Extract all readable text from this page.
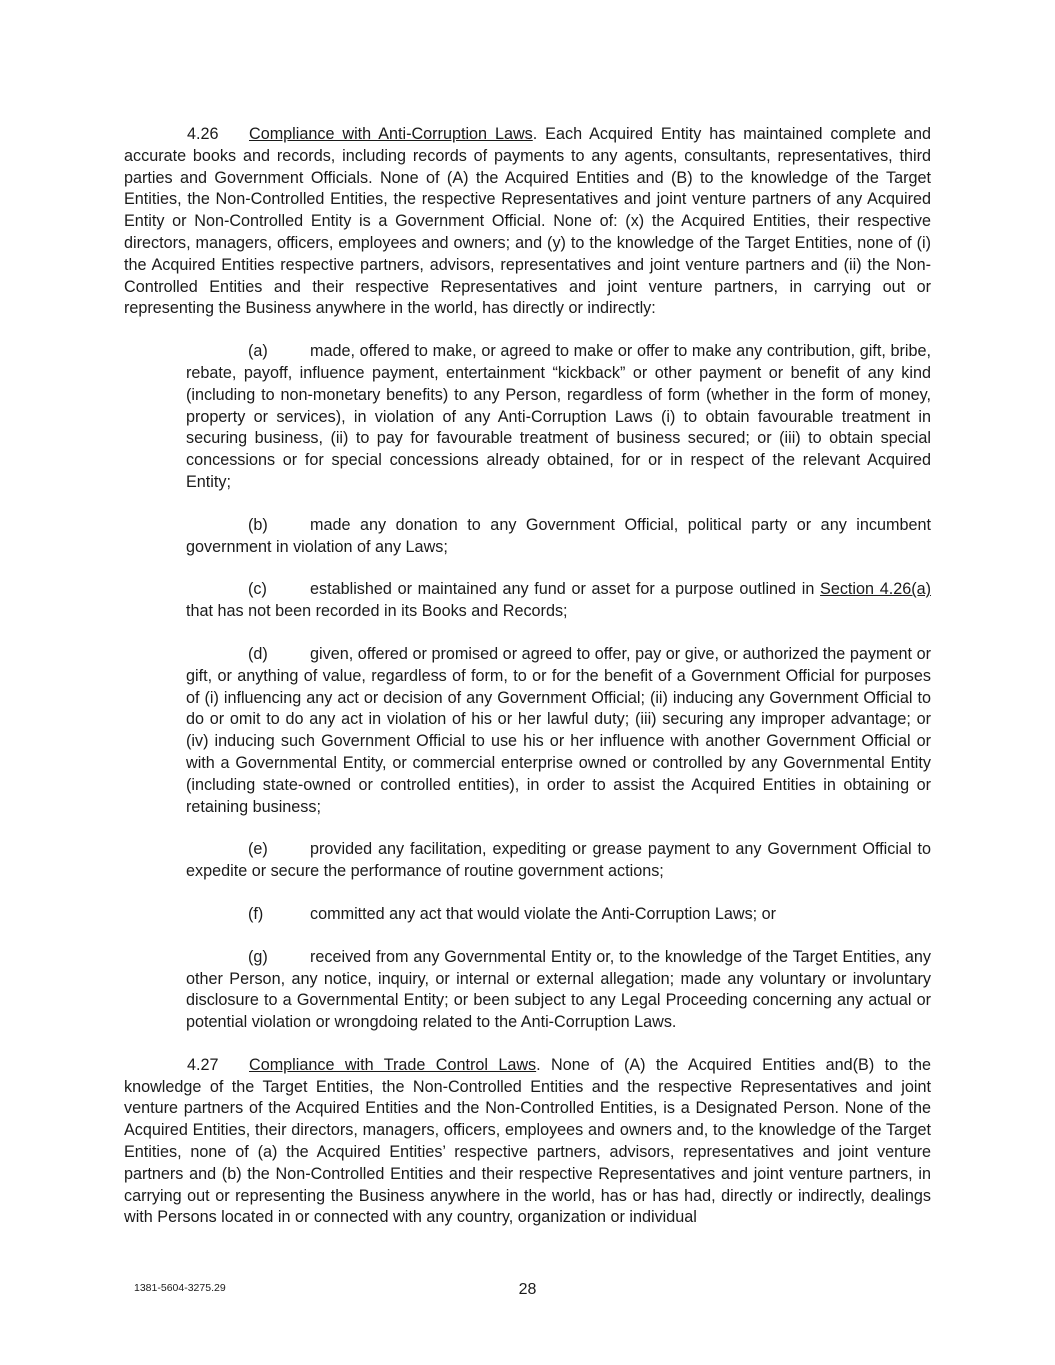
4.26 Compliance with Anti-Corruption Laws. Each Acquired Entity has maintained complete and accurate books and records, including records of payments to any agents, consultants, representatives, third parties and Government Officials. None of (A) the Acquired Entities and (B) to the knowledge of the Target Entities, the Non-Controlled Entities, the respective Representatives and joint venture partners of any Acquired Entity or Non-Controlled Entity is a Government Official. None of: (x) the Acquired Entities, their respective directors, managers, officers, employees and owners; and (y) to the knowledge of the Target Entities, none of (i) the Acquired Entities respective partners, advisors, representatives and joint venture partners and (ii) the Non-Controlled Entities and their respective Representatives and joint venture partners, in carrying out or representing the Business anywhere in the world, has directly or indirectly:

(a)	made, offered to make, or agreed to make or offer to make any contribution, gift, bribe, rebate, payoff, influence payment, entertainment “kickback” or other payment or benefit of any kind (including to non-monetary benefits) to any Person, regardless of form (whether in the form of money, property or services), in violation of any Anti-Corruption Laws (i) to obtain favourable treatment in securing business, (ii) to pay for favourable treatment of business secured; or (iii) to obtain special concessions or for special concessions already obtained, for or in respect of the relevant Acquired Entity;

(b)	made any donation to any Government Official, political party or any incumbent government in violation of any Laws;

(c)	established or maintained any fund or asset for a purpose outlined in Section 4.26(a) that has not been recorded in its Books and Records;

(d)	given, offered or promised or agreed to offer, pay or give, or authorized the payment or gift, or anything of value, regardless of form, to or for the benefit of a Government Official for purposes of (i) influencing any act or decision of any Government Official; (ii) inducing any Government Official to do or omit to do any act in violation of his or her lawful duty; (iii) securing any improper advantage; or (iv) inducing such Government Official to use his or her influence with another Government Official or with a Governmental Entity, or commercial enterprise owned or controlled by any Governmental Entity (including state-owned or controlled entities), in order to assist the Acquired Entities in obtaining or retaining business;

(e)	provided any facilitation, expediting or grease payment to any Government Official to expedite or secure the performance of routine government actions;

(f)	committed any act that would violate the Anti-Corruption Laws; or

(g)	received from any Governmental Entity or, to the knowledge of the Target Entities, any other Person, any notice, inquiry, or internal or external allegation; made any voluntary or involuntary disclosure to a Governmental Entity; or been subject to any Legal Proceeding concerning any actual or potential violation or wrongdoing related to the Anti-Corruption Laws.

4.27 Compliance with Trade Control Laws. None of (A) the Acquired Entities and(B) to the knowledge of the Target Entities, the Non-Controlled Entities and the respective Representatives and joint venture partners of the Acquired Entities and the Non-Controlled Entities, is a Designated Person. None of the Acquired Entities, their directors, managers, officers, employees and owners and, to the knowledge of the Target Entities, none of (a) the Acquired Entities’ respective partners, advisors, representatives and joint venture partners and (b) the Non-Controlled Entities and their respective Representatives and joint venture partners, in carrying out or representing the Business anywhere in the world, has or has had, directly or indirectly, dealings with Persons located in or connected with any country, organization or individual

1381-5604-3275.29	28
